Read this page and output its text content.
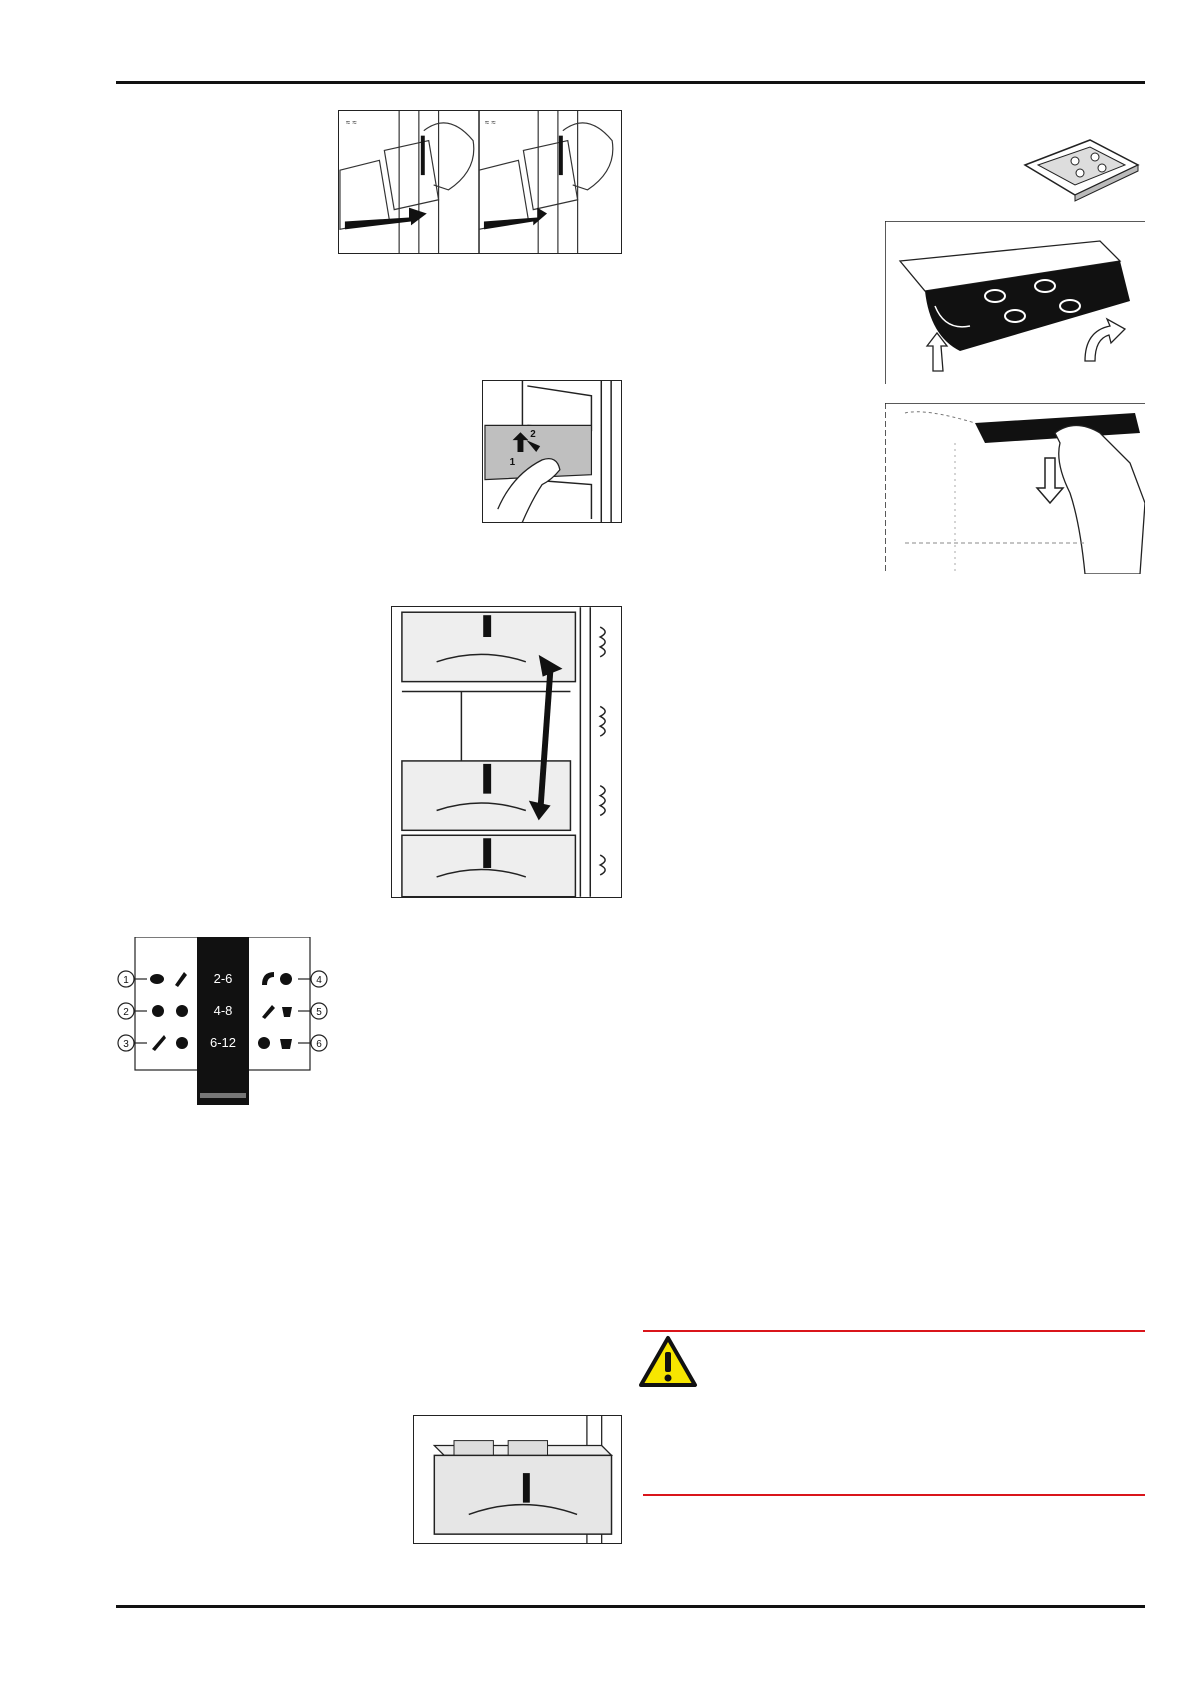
≈ ≈	≈ ≈
2
1
2-6
4-8
6-12
1
2
3
4
5
6
